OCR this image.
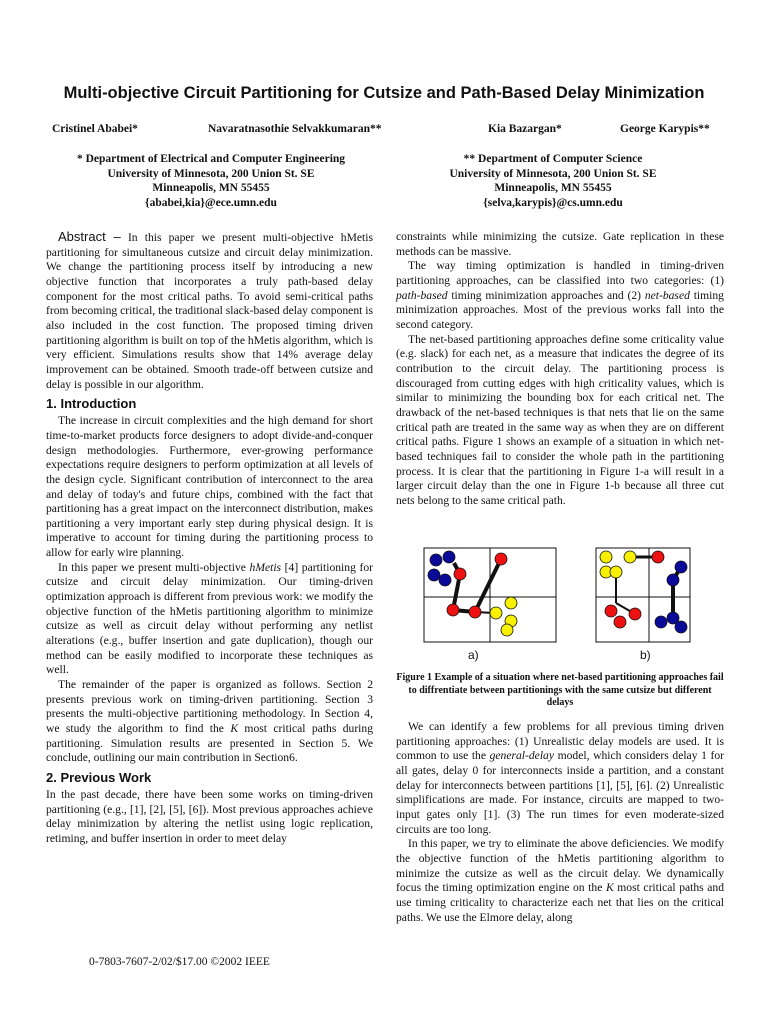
Multi-objective Circuit Partitioning for Cutsize and Path-Based Delay Minimization
Cristinel Ababei*	Navaratnasothie Selvakkumaran**	Kia Bazargan*	George Karypis**
* Department of Electrical and Computer Engineering
University of Minnesota, 200 Union St. SE
Minneapolis, MN 55455
{ababei,kia}@ece.umn.edu
** Department of Computer Science
University of Minnesota, 200 Union St. SE
Minneapolis, MN 55455
{selva,karypis}@cs.umn.edu

Abstract – In this paper we present multi-objective hMetis partitioning for simultaneous cutsize and circuit delay minimization. We change the partitioning process itself by introducing a new objective function that incorporates a truly path-based delay component for the most critical paths. To avoid semi-critical paths from becoming critical, the traditional slack-based delay component is also included in the cost function. The proposed timing driven partitioning algorithm is built on top of the hMetis algorithm, which is very efficient. Simulations results show that 14% average delay improvement can be obtained. Smooth trade-off between cutsize and delay is possible in our algorithm.

1. Introduction

The increase in circuit complexities and the high demand for short time-to-market products force designers to adopt divide-and-conquer design methodologies. Furthermore, ever-growing performance expectations require designers to perform optimization at all levels of the design cycle. Significant contribution of interconnect to the area and delay of today's and future chips, combined with the fact that partitioning has a great impact on the interconnect distribution, makes partitioning a very important early step during physical design. It is imperative to account for timing during the partitioning process to allow for early wire planning.

In this paper we present multi-objective hMetis [4] partitioning for cutsize and circuit delay minimization. Our timing-driven optimization approach is different from previous work: we modify the objective function of the hMetis partitioning algorithm to minimize cutsize as well as circuit delay without performing any netlist alterations (e.g., buffer insertion and gate duplication), though our method can be easily modified to incorporate these techniques as well.

The remainder of the paper is organized as follows. Section 2 presents previous work on timing-driven partitioning. Section 3 presents the multi-objective partitioning methodology. In Section 4, we study the algorithm to find the K most critical paths during partitioning. Simulation results are presented in Section 5. We conclude, outlining our main contribution in Section6.

2. Previous Work

In the past decade, there have been some works on timing-driven partitioning (e.g., [1], [2], [5], [6]). Most previous approaches achieve delay minimization by altering the netlist using logic replication, retiming, and buffer insertion in order to meet delay

constraints while minimizing the cutsize. Gate replication in these methods can be massive.

The way timing optimization is handled in timing-driven partitioning approaches, can be classified into two categories: (1) path-based timing minimization approaches and (2) net-based timing minimization approaches. Most of the previous works fall into the second category.

The net-based partitioning approaches define some criticality value (e.g. slack) for each net, as a measure that indicates the degree of its contribution to the circuit delay. The partitioning process is discouraged from cutting edges with high criticality values, which is similar to minimizing the bounding box for each critical net. The drawback of the net-based techniques is that nets that lie on the same critical path are treated in the same way as when they are on different critical paths. Figure 1 shows an example of a situation in which net-based techniques fail to consider the whole path in the partitioning process. It is clear that the partitioning in Figure 1-a will result in a larger circuit delay than the one in Figure 1-b because all three cut nets belong to the same critical path.

a)	b)
Figure 1 Example of a situation where net-based partitioning approaches fail to diffrentiate between partitionings with the same cutsize but different delays

We can identify a few problems for all previous timing driven partitioning approaches: (1) Unrealistic delay models are used. It is common to use the general-delay model, which considers delay 1 for all gates, delay 0 for interconnects inside a partition, and a constant delay for interconnects between partitions [1], [5], [6]. (2) Unrealistic simplifications are made. For instance, circuits are mapped to two-input gates only [1]. (3) The run times for even moderate-sized circuits are too long.

In this paper, we try to eliminate the above deficiencies. We modify the objective function of the hMetis partitioning algorithm to minimize the cutsize as well as the circuit delay. We dynamically focus the timing optimization engine on the K most critical paths and use timing criticality to characterize each net that lies on the critical paths. We use the Elmore delay, along

0-7803-7607-2/02/$17.00 ©2002 IEEE
